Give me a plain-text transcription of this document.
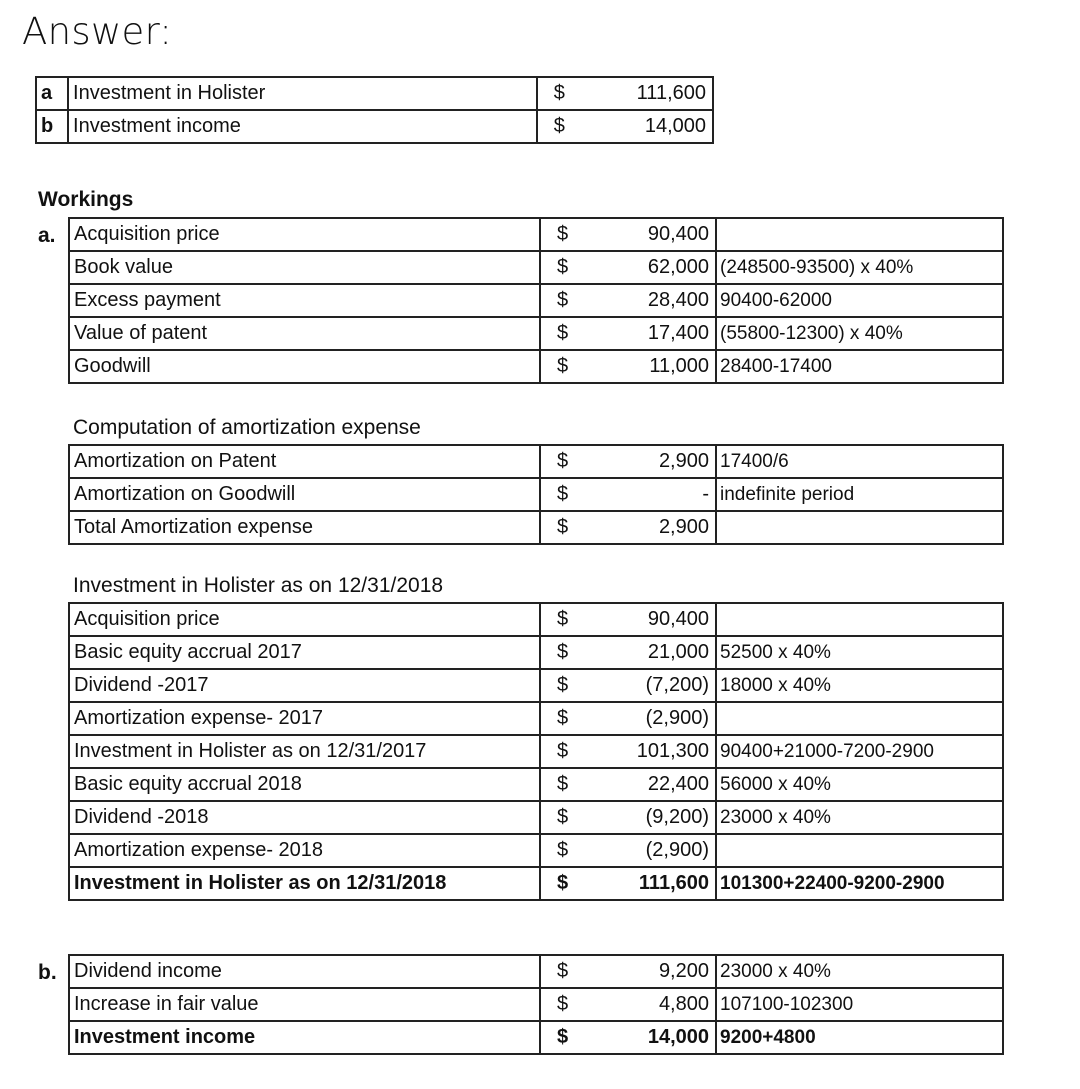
Answer:
a	Investment in Holister	$ 111,600

b	Investment income	$ 14,000
Workings
a. Acquisition price	$ 90,400	

Book value	$ 62,000	(248500-93500) x 40%
Excess payment	$ 28,400	90400-62000
Value of patent	$ 17,400	(55800-12300) x 40%
Goodwill	$ 11,000	28400-17400
Computation of amortization expense
Amortization on Patent	$ 2,900	17400/6
Amortization on Goodwill	$ -	indefinite period
Total Amortization expense	$ 2,900	

Investment in Holister as on 12/31/2018
Acquisition price	$ 90,400	

Basic equity accrual 2017	$ 21,000	52500 x 40%
Dividend -2017	$ (7,200)	18000 x 40%
Amortization expense- 2017	$ (2,900)	

Investment in Holister as on 12/31/2017	$ 101,300	90400+21000-7200-2900
Basic equity accrual 2018	$ 22,400	56000 x 40%
Dividend -2018	$ (9,200)	23000 x 40%
Amortization expense- 2018	$ (2,900)	

Investment in Holister as on 12/31/2018	$ 111,600	101300+22400-9200-2900
b. Dividend income	$ 9,200	23000 x 40%
Increase in fair value	$ 4,800	107100-102300
Investment income	$ 14,000	9200+4800
